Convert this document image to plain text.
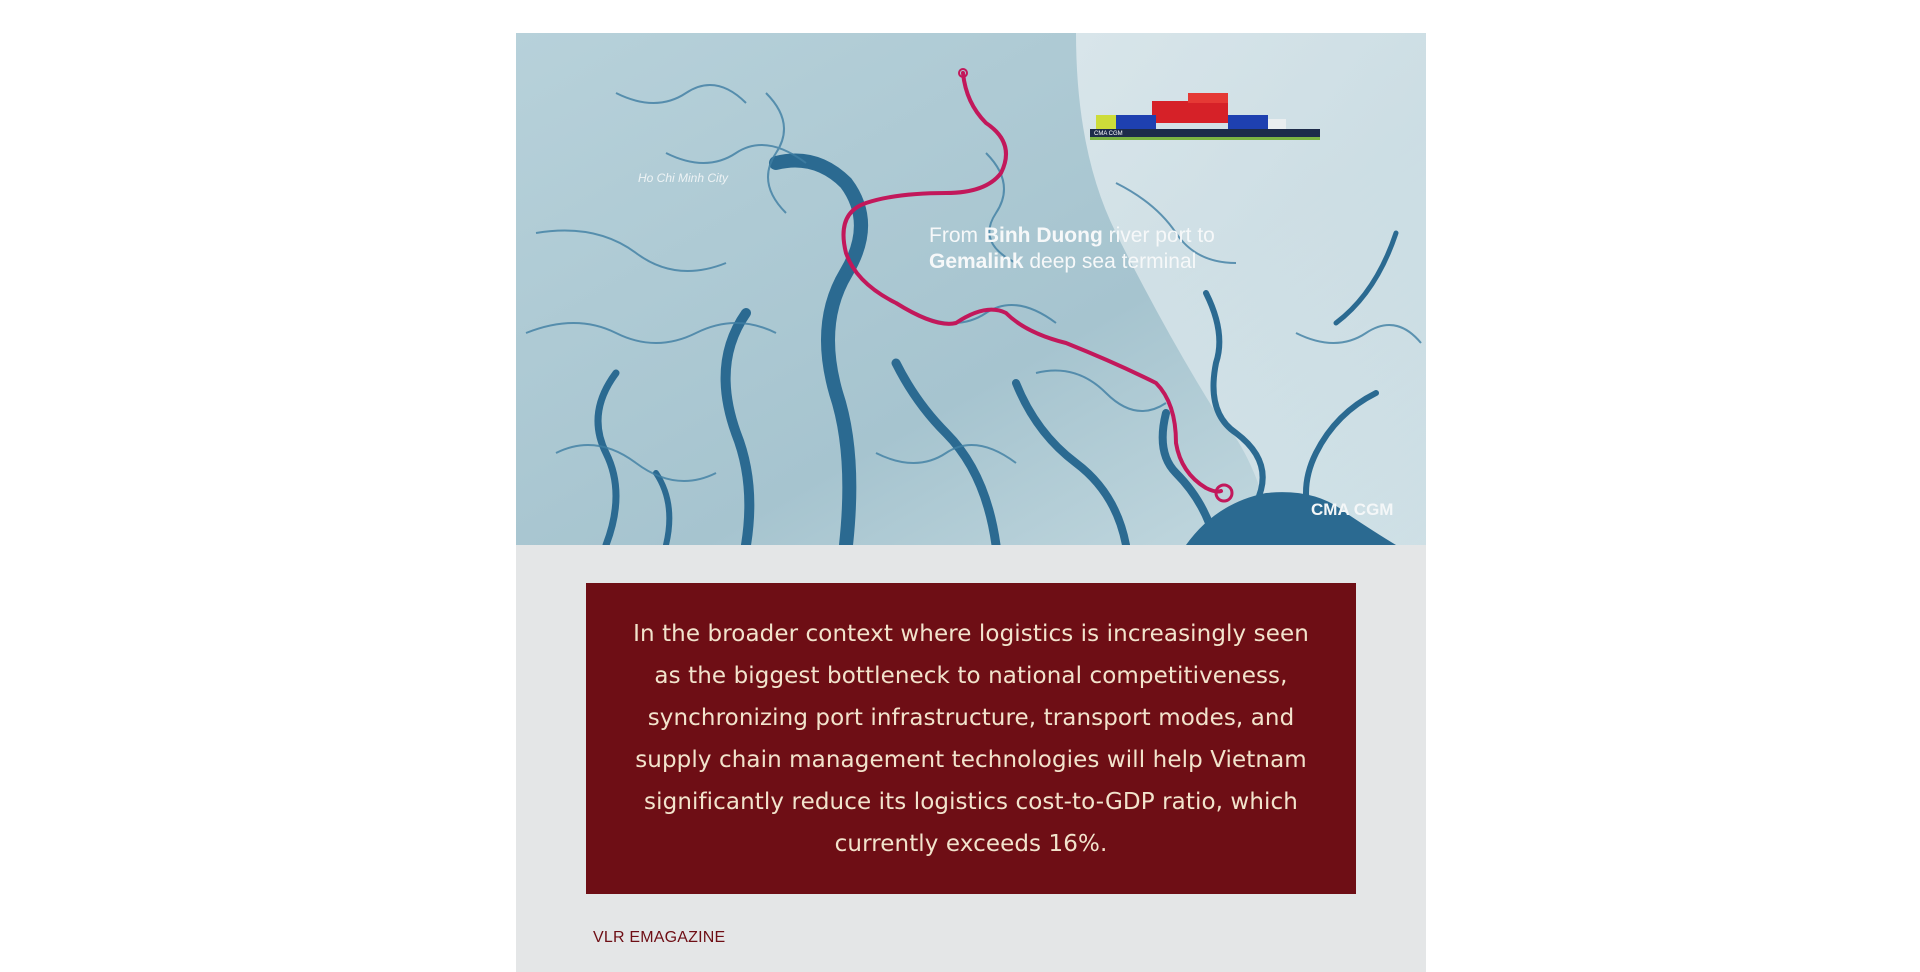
CMA CGM
Ho Chi Minh City
From Binh Duong river port to
Gemalink deep sea terminal
CMA CGM

In the broader context where logistics is increasingly seen as the biggest bottleneck to national competitiveness, synchronizing port infrastructure, transport modes, and supply chain management technologies will help Vietnam significantly reduce its logistics cost-to-GDP ratio, which currently exceeds 16%.

VLR EMAGAZINE
